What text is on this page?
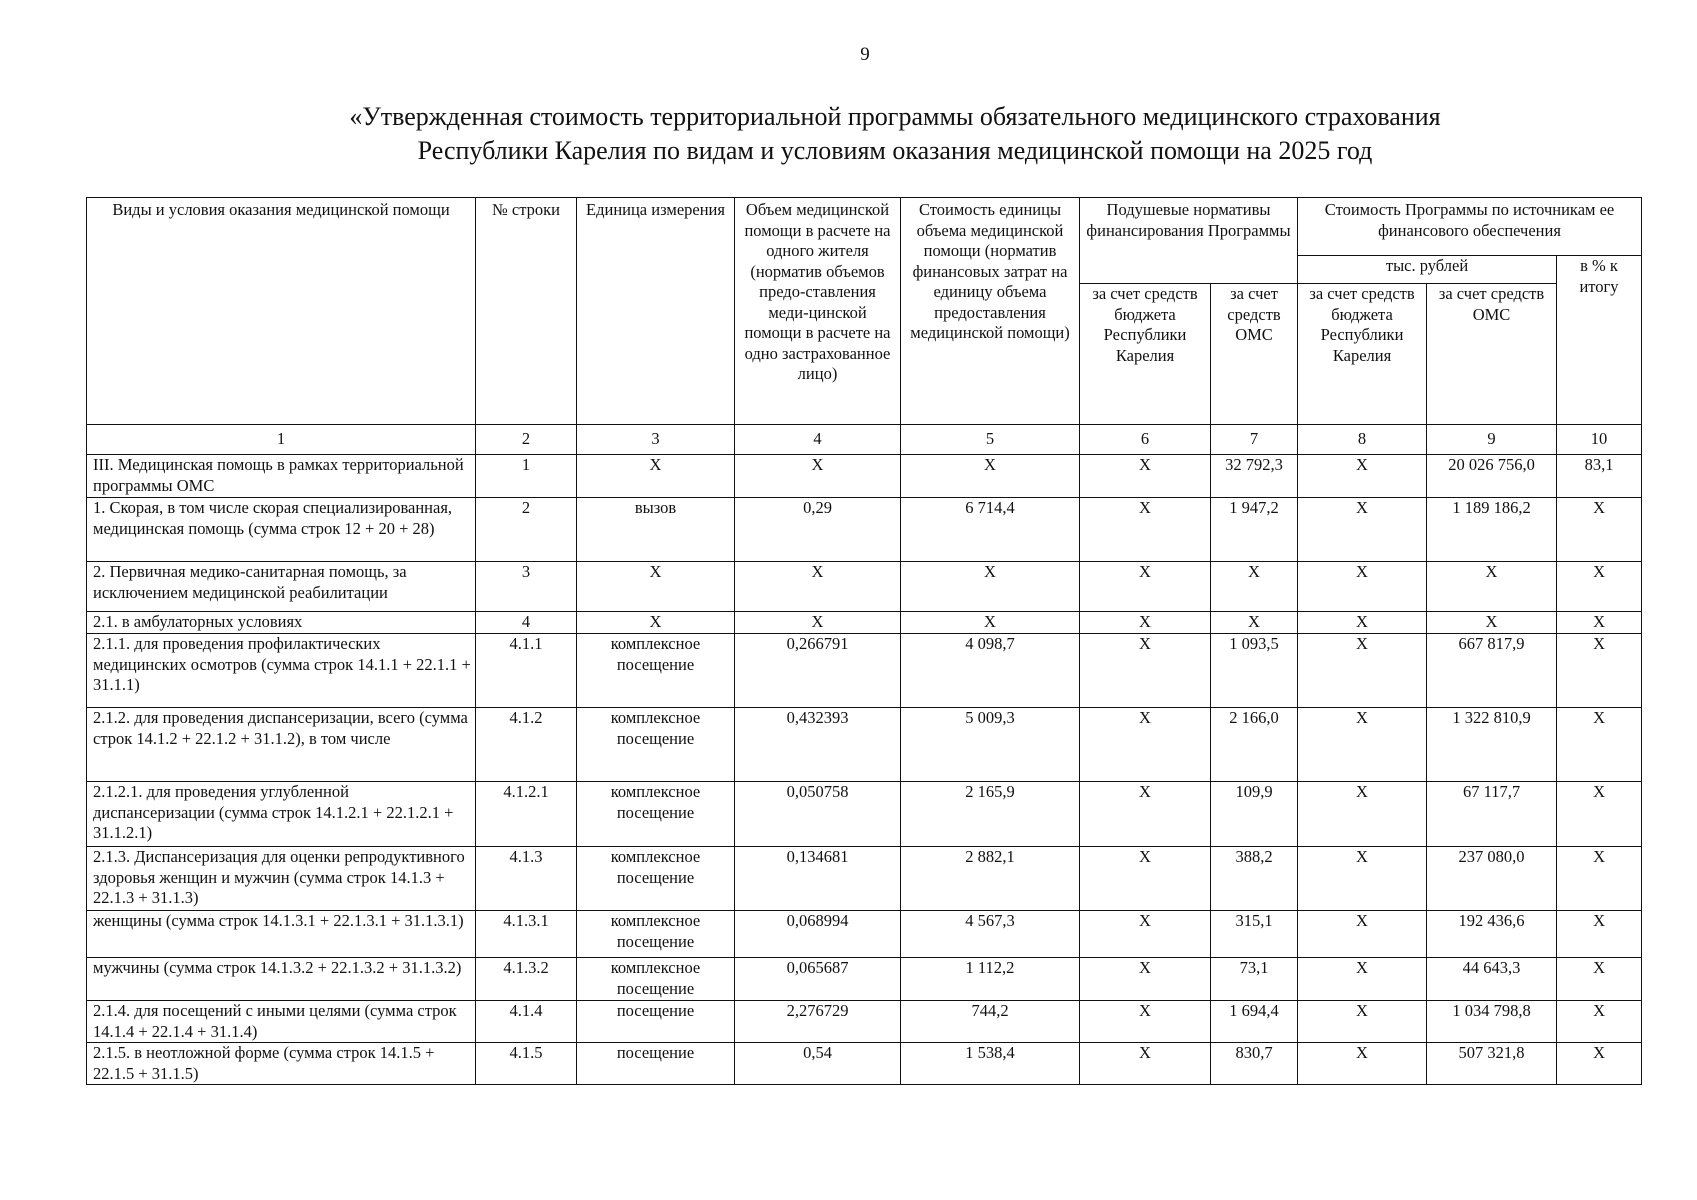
9
«Утвержденная стоимость территориальной программы обязательного медицинского страхования
Республики Карелия по видам и условиям оказания медицинской помощи на 2025 год
Виды и условия оказания медицинской помощи	№ строки	Единица измерения	Объем медицинской помощи в расчете на одного жителя (норматив объемов предо-ставления меди-цинской помощи в расчете на одно застрахованное лицо)	Стоимость единицы объема медицинской помощи (норматив финансовых затрат на единицу объема предоставления медицинской помощи)	Подушевые нормативы финансирования Программы		Стоимость Программы по источникам ее финансового обеспечения		
							тыс. рублей		в % к итогу
					за счет средств бюджета Республики Карелия	за счет средств ОМС	за счет средств бюджета Республики Карелия	за счет средств ОМС	
1	2	3	4	5	6	7	8	9	10
III. Медицинская помощь в рамках территориальной программы ОМС	1	Х	Х	Х	Х	32 792,3	Х	20 026 756,0	83,1
1. Скорая, в том числе скорая специализированная, медицинская помощь (сумма строк 12 + 20 + 28)	2	вызов	0,29	6 714,4	Х	1 947,2	Х	1 189 186,2	Х
2. Первичная медико-санитарная помощь, за исключением медицинской реабилитации	3	Х	Х	Х	Х	Х	Х	Х	Х
2.1. в амбулаторных условиях	4	Х	Х	Х	Х	Х	Х	Х	Х
2.1.1. для проведения профилактических медицинских осмотров (сумма строк 14.1.1 + 22.1.1 + 31.1.1)	4.1.1	комплексное посещение	0,266791	4 098,7	Х	1 093,5	Х	667 817,9	Х
2.1.2. для проведения диспансеризации, всего (сумма строк 14.1.2 + 22.1.2 + 31.1.2), в том числе	4.1.2	комплексное посещение	0,432393	5 009,3	Х	2 166,0	Х	1 322 810,9	Х
2.1.2.1. для проведения углубленной диспансеризации (сумма строк 14.1.2.1 + 22.1.2.1 + 31.1.2.1)	4.1.2.1	комплексное посещение	0,050758	2 165,9	Х	109,9	Х	67 117,7	Х
2.1.3. Диспансеризация для оценки репродуктивного здоровья женщин и мужчин (сумма строк 14.1.3 + 22.1.3 + 31.1.3)	4.1.3	комплексное посещение	0,134681	2 882,1	Х	388,2	Х	237 080,0	Х
женщины (сумма строк 14.1.3.1 + 22.1.3.1 + 31.1.3.1)	4.1.3.1	комплексное посещение	0,068994	4 567,3	Х	315,1	Х	192 436,6	Х
мужчины (сумма строк 14.1.3.2 + 22.1.3.2 + 31.1.3.2)	4.1.3.2	комплексное посещение	0,065687	1 112,2	Х	73,1	Х	44 643,3	Х
2.1.4. для посещений с иными целями (сумма строк 14.1.4 + 22.1.4 + 31.1.4)	4.1.4	посещение	2,276729	744,2	Х	1 694,4	Х	1 034 798,8	Х
2.1.5. в неотложной форме (сумма строк 14.1.5 + 22.1.5 + 31.1.5)	4.1.5	посещение	0,54	1 538,4	Х	830,7	Х	507 321,8	Х
